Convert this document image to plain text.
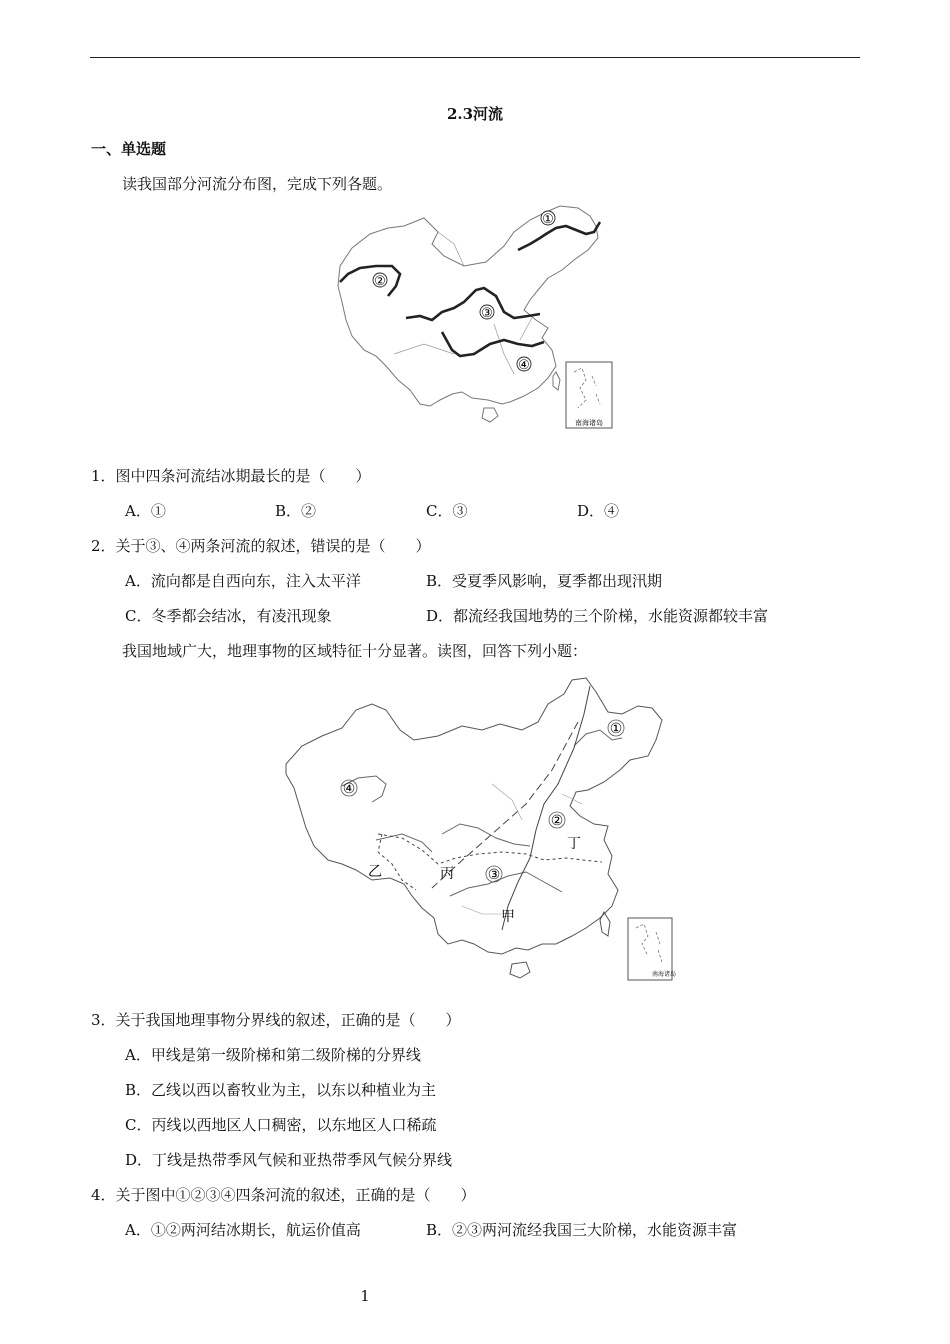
2.3河流
一、单选题
读我国部分河流分布图，完成下列各题。
①
②
③
④
南海诸岛
1．图中四条河流结冰期最长的是（　　）
A．①	B．②	C．③	D．④
2．关于③、④两条河流的叙述，错误的是（　　）
A．流向都是自西向东，注入太平洋	B．受夏季风影响，夏季都出现汛期
C．冬季都会结冰，有凌汛现象	D．都流经我国地势的三个阶梯，水能资源都较丰富
我国地域广大，地理事物的区域特征十分显著。读图，回答下列小题：
①
④
②
丁
乙	丙 ③
甲
南海诸岛
3．关于我国地理事物分界线的叙述，正确的是（　　）
A．甲线是第一级阶梯和第二级阶梯的分界线
B．乙线以西以畜牧业为主，以东以种植业为主
C．丙线以西地区人口稠密，以东地区人口稀疏
D．丁线是热带季风气候和亚热带季风气候分界线
4．关于图中①②③④四条河流的叙述，正确的是（　　）
A．①②两河结冰期长，航运价值高	B．②③两河流经我国三大阶梯，水能资源丰富
1
